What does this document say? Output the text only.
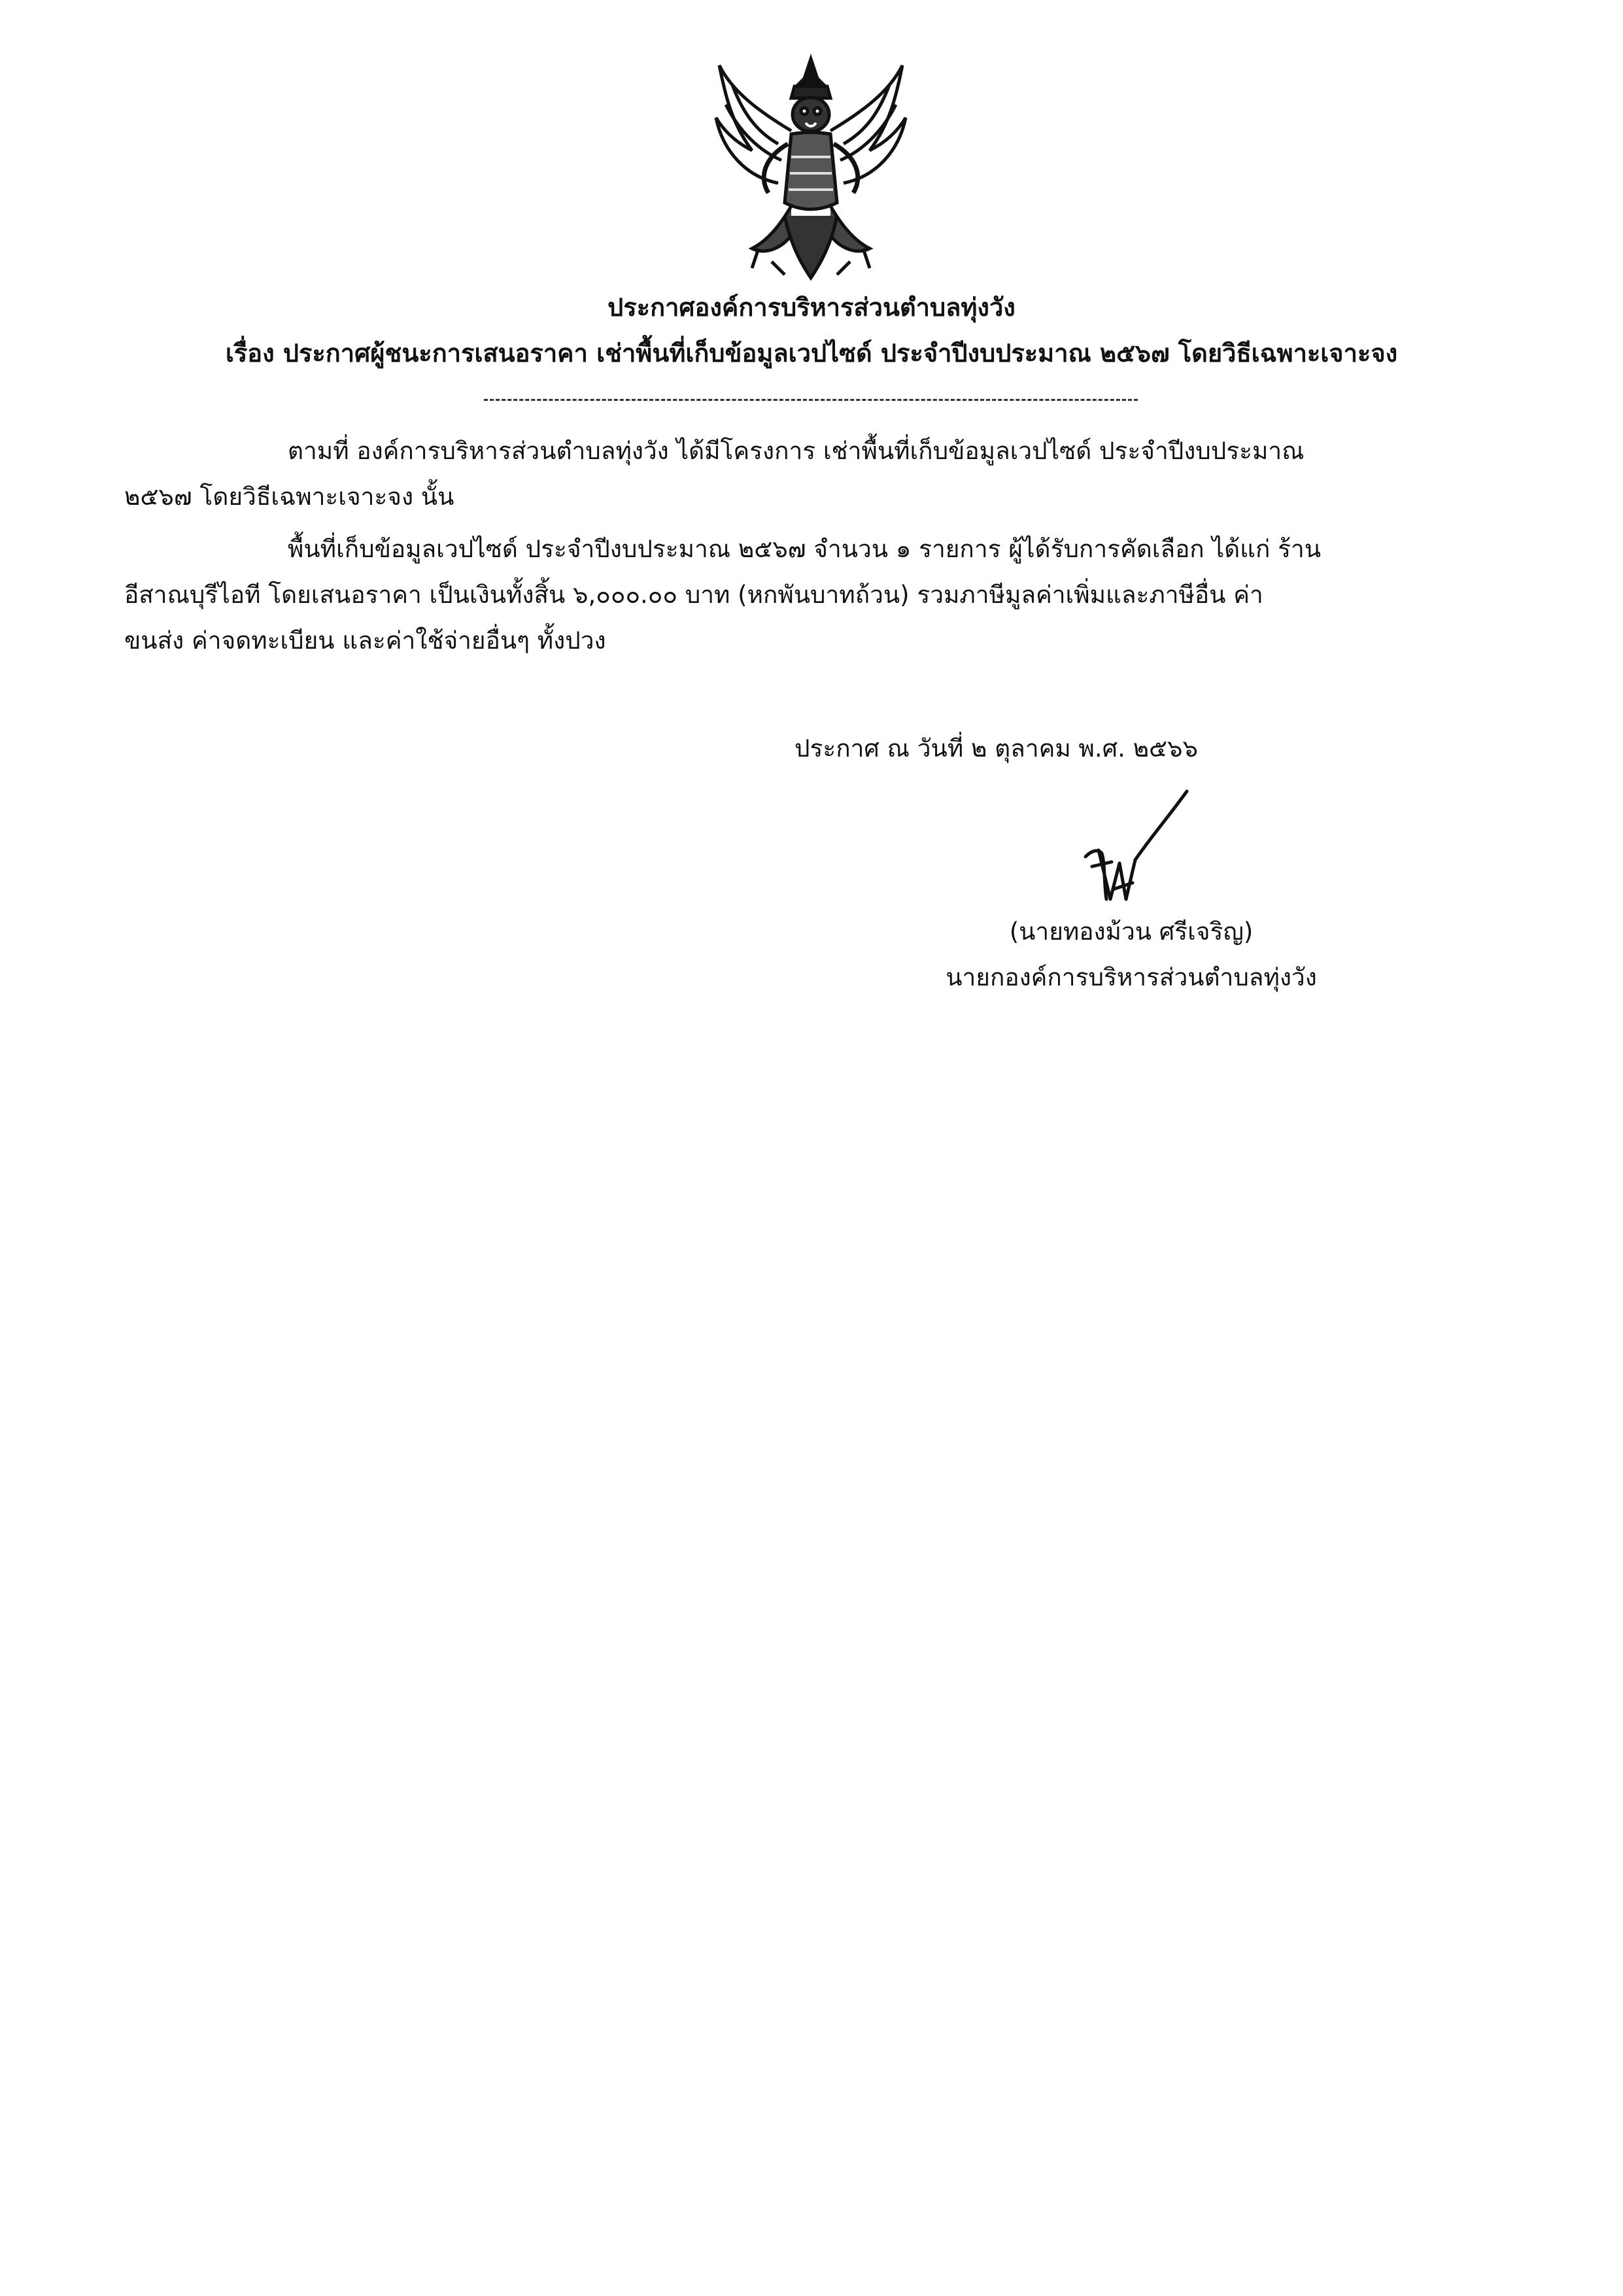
ประกาศองค์การบริหารส่วนตำบลทุ่งวัง
เรื่อง ประกาศผู้ชนะการเสนอราคา เช่าพื้นที่เก็บข้อมูลเวปไซด์ ประจำปีงบประมาณ ๒๕๖๗ โดยวิธีเฉพาะเจาะจง
ตามที่ องค์การบริหารส่วนตำบลทุ่งวัง ได้มีโครงการ เช่าพื้นที่เก็บข้อมูลเวปไซด์ ประจำปีงบประมาณ
๒๕๖๗ โดยวิธีเฉพาะเจาะจง นั้น
พื้นที่เก็บข้อมูลเวปไซด์ ประจำปีงบประมาณ ๒๕๖๗ จำนวน ๑ รายการ ผู้ได้รับการคัดเลือก ได้แก่ ร้าน
อีสาณบุรีไอที โดยเสนอราคา เป็นเงินทั้งสิ้น ๖,๐๐๐.๐๐ บาท (หกพันบาทถ้วน) รวมภาษีมูลค่าเพิ่มและภาษีอื่น ค่า
ขนส่ง ค่าจดทะเบียน และค่าใช้จ่ายอื่นๆ ทั้งปวง
ประกาศ ณ วันที่ ๒ ตุลาคม พ.ศ. ๒๕๖๖
(นายทองม้วน ศรีเจริญ)
นายกองค์การบริหารส่วนตำบลทุ่งวัง
